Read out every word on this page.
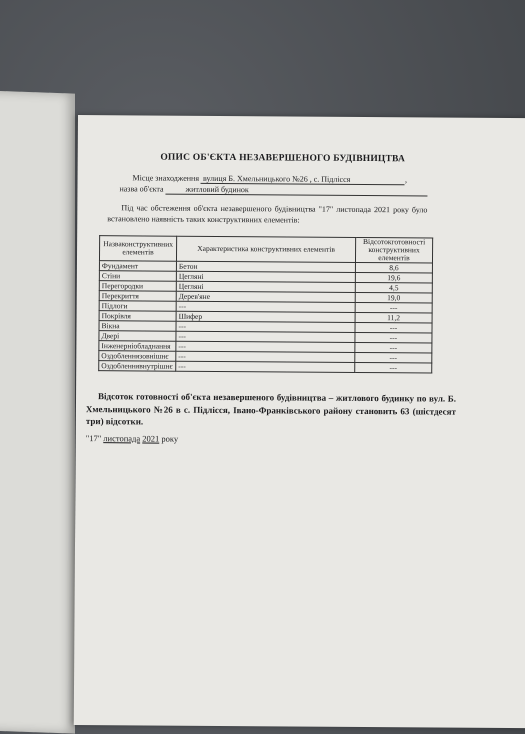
ОПИС ОБ'ЄКТА НЕЗАВЕРШЕНОГО БУДІВНИЦТВА
Місце знаходження вулиця Б. Хмельницького №26 , с. Підлісся	,
назва об'єкта	житловий будинок
Під час обстеження об'єкта незавершеного будівництва "17" листопада 2021 року було встановлено наявність таких конструктивних елементів:
Назваконструктивних елементів	Характеристика конструктивних елементів	Відсотокготовності конструктивних елементів
Фундамент	Бетон	8,6
Стіни	Цеглянi	19,6
Перегородки	Цеглянi	4,5
Перекриття	Дерев'яне	19,0
Підлоги	---	---
Покрівля	Шифер	11,2
Вікна	---	---
Двері	---	---
Інженерніобладнання	---	---
Оздобленнязовнішнє	---	---
Оздобленнявнутрішнє	---	---
Відсоток готовності об'єкта незавершеного будівництва – житлового будинку по вул. Б. Хмельницького №26 в с. Підлісся, Івано-Франківського району становить 63 (шістдесят три) відсотки.
"17" листопада 2021 року
